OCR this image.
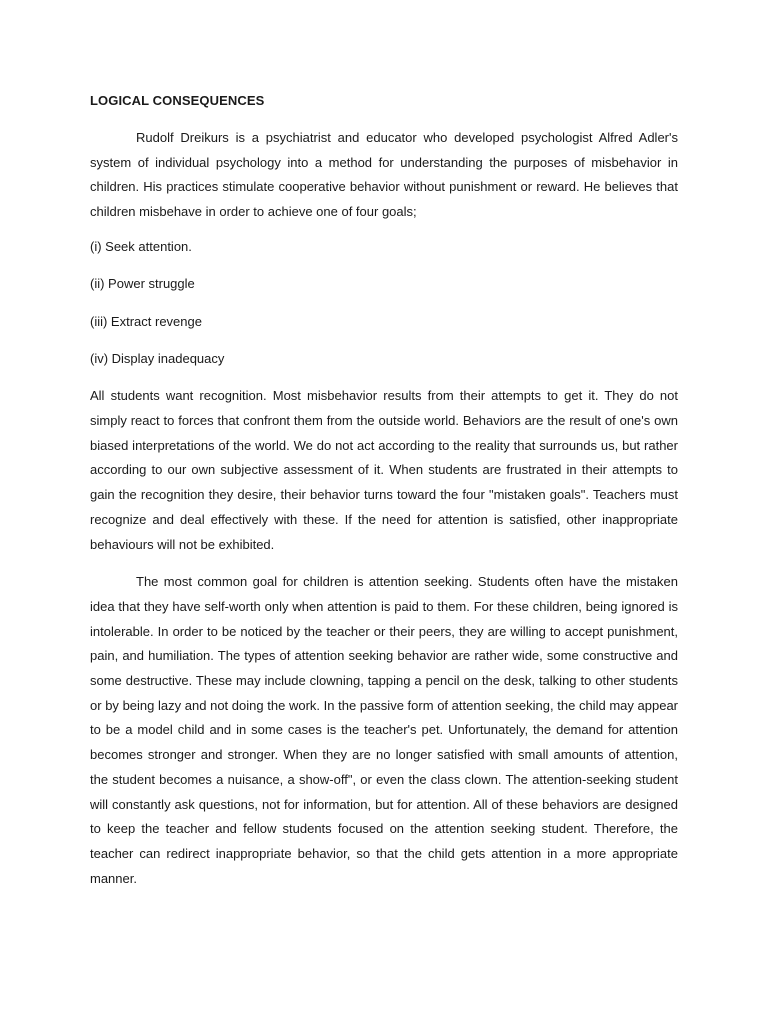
LOGICAL CONSEQUENCES

Rudolf Dreikurs is a psychiatrist and educator who developed psychologist Alfred Adler's system of individual psychology into a method for understanding the purposes of misbehavior in children. His practices stimulate cooperative behavior without punishment or reward. He believes that children misbehave in order to achieve one of four goals;

(i) Seek attention.
(ii) Power struggle
(iii) Extract revenge
(iv) Display inadequacy

All students want recognition. Most misbehavior results from their attempts to get it. They do not simply react to forces that confront them from the outside world. Behaviors are the result of one's own biased interpretations of the world. We do not act according to the reality that surrounds us, but rather according to our own subjective assessment of it. When students are frustrated in their attempts to gain the recognition they desire, their behavior turns toward the four "mistaken goals". Teachers must recognize and deal effectively with these. If the need for attention is satisfied, other inappropriate behaviours will not be exhibited.

The most common goal for children is attention seeking. Students often have the mistaken idea that they have self-worth only when attention is paid to them. For these children, being ignored is intolerable. In order to be noticed by the teacher or their peers, they are willing to accept punishment, pain, and humiliation. The types of attention seeking behavior are rather wide, some constructive and some destructive. These may include clowning, tapping a pencil on the desk, talking to other students or by being lazy and not doing the work. In the passive form of attention seeking, the child may appear to be a model child and in some cases is the teacher's pet. Unfortunately, the demand for attention becomes stronger and stronger. When they are no longer satisfied with small amounts of attention, the student becomes a nuisance, a show-off", or even the class clown. The attention-seeking student will constantly ask questions, not for information, but for attention. All of these behaviors are designed to keep the teacher and fellow students focused on the attention seeking student. Therefore, the teacher can redirect inappropriate behavior, so that the child gets attention in a more appropriate manner.
